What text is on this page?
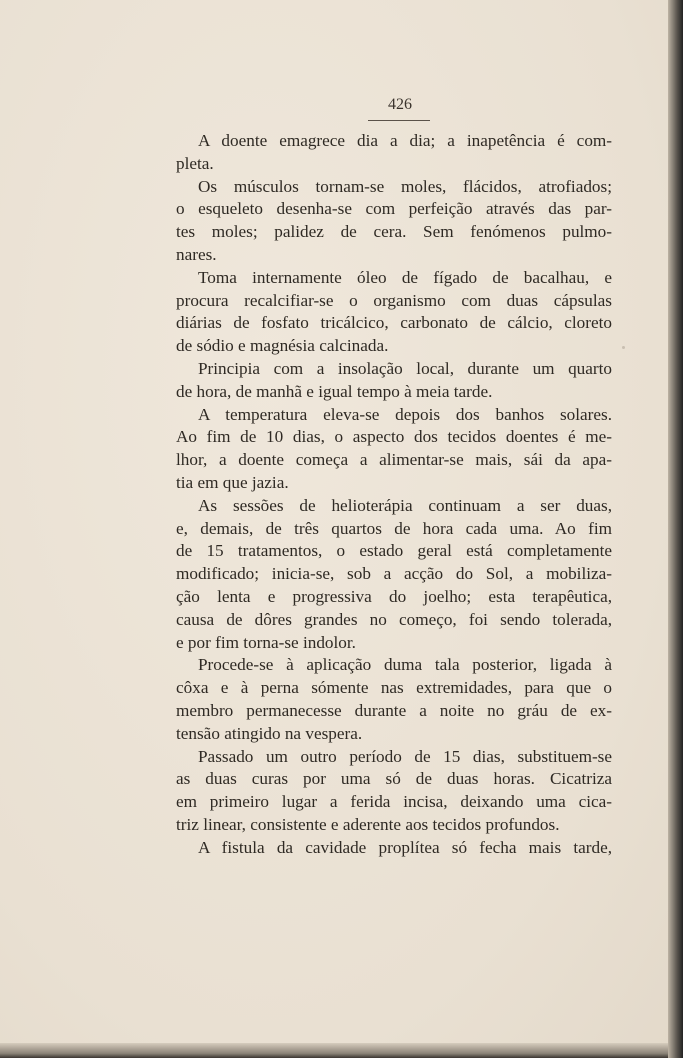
426
A doente emagrece dia a dia; a inapetência é com-
pleta.
Os músculos tornam-se moles, flácidos, atrofiados;
o esqueleto desenha-se com perfeição através das par-
tes moles; palidez de cera. Sem fenómenos pulmo-
nares.
Toma internamente óleo de fígado de bacalhau, e
procura recalcifiar-se o organismo com duas cápsulas
diárias de fosfato tricálcico, carbonato de cálcio, cloreto
de sódio e magnésia calcinada.
Principia com a insolação local, durante um quarto
de hora, de manhã e igual tempo à meia tarde.
A temperatura eleva-se depois dos banhos solares.
Ao fim de 10 dias, o aspecto dos tecidos doentes é me-
lhor, a doente começa a alimentar-se mais, sái da apa-
tia em que jazia.
As sessões de helioterápia continuam a ser duas,
e, demais, de três quartos de hora cada uma. Ao fim
de 15 tratamentos, o estado geral está completamente
modificado; inicia-se, sob a acção do Sol, a mobiliza-
ção lenta e progressiva do joelho; esta terapêutica,
causa de dôres grandes no começo, foi sendo tolerada,
e por fim torna-se indolor.
Procede-se à aplicação duma tala posterior, ligada à
côxa e à perna sómente nas extremidades, para que o
membro permanecesse durante a noite no gráu de ex-
tensão atingido na vespera.
Passado um outro período de 15 dias, substituem-se
as duas curas por uma só de duas horas. Cicatriza
em primeiro lugar a ferida incisa, deixando uma cica-
triz linear, consistente e aderente aos tecidos profundos.
A fistula da cavidade proplítea só fecha mais tarde,
